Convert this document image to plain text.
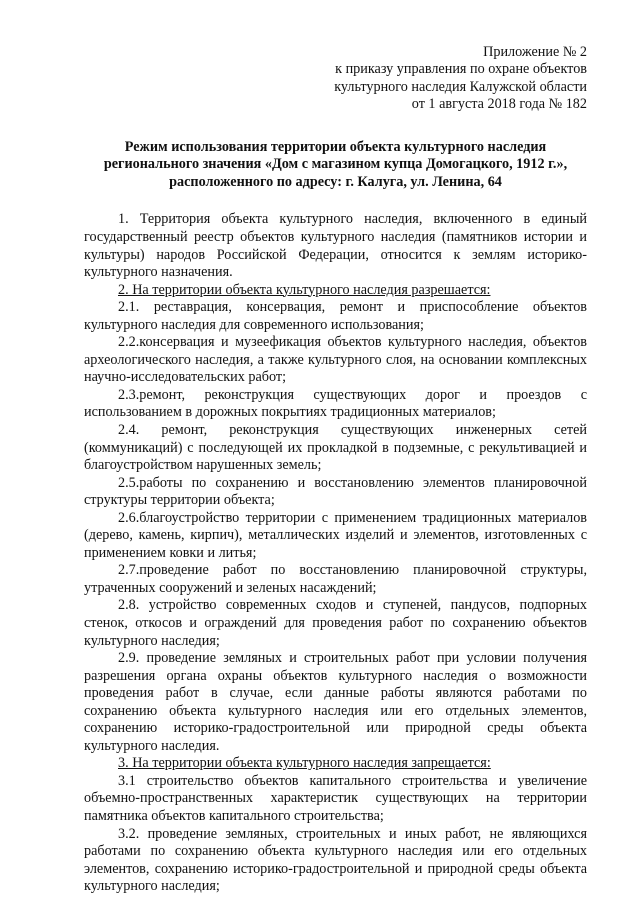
Приложение № 2
к приказу управления по охране объектов
культурного наследия Калужской области
от 1 августа 2018 года № 182
Режим использования территории объекта культурного наследия
регионального значения «Дом с магазином купца Домогацкого, 1912 г.»,
расположенного по адресу: г. Калуга, ул. Ленина, 64

1. Территория объекта культурного наследия, включенного в единый государственный реестр объектов культурного наследия (памятников истории и культуры) народов Российской Федерации, относится к землям историко-культурного назначения.

2. На территории объекта культурного наследия разрешается:

2.1. реставрация, консервация, ремонт и приспособление объектов культурного наследия для современного использования;

2.2.консервация и музеефикация объектов культурного наследия, объектов археологического наследия, а также культурного слоя, на основании комплексных научно-исследовательских работ;

2.3.ремонт, реконструкция существующих дорог и проездов с использованием в дорожных покрытиях традиционных материалов;

2.4. ремонт, реконструкция существующих инженерных сетей (коммуникаций) с последующей их прокладкой в подземные, с рекультивацией и благоустройством нарушенных земель;

2.5.работы по сохранению и восстановлению элементов планировочной структуры территории объекта;

2.6.благоустройство территории с применением традиционных материалов (дерево, камень, кирпич), металлических изделий и элементов, изготовленных с применением ковки и литья;

2.7.проведение работ по восстановлению планировочной структуры, утраченных сооружений и зеленых насаждений;

2.8. устройство современных сходов и ступеней, пандусов, подпорных стенок, откосов и ограждений для проведения работ по сохранению объектов культурного наследия;

2.9. проведение земляных и строительных работ при условии получения разрешения органа охраны объектов культурного наследия о возможности проведения работ в случае, если данные работы являются работами по сохранению объекта культурного наследия или его отдельных элементов, сохранению историко-градостроительной или природной среды объекта культурного наследия.

3. На территории объекта культурного наследия запрещается:

3.1 строительство объектов капитального строительства и увеличение объемно-пространственных характеристик существующих на территории памятника объектов капитального строительства;

3.2. проведение земляных, строительных и иных работ, не являющихся работами по сохранению объекта культурного наследия или его отдельных элементов, сохранению историко-градостроительной и природной среды объекта культурного наследия;
